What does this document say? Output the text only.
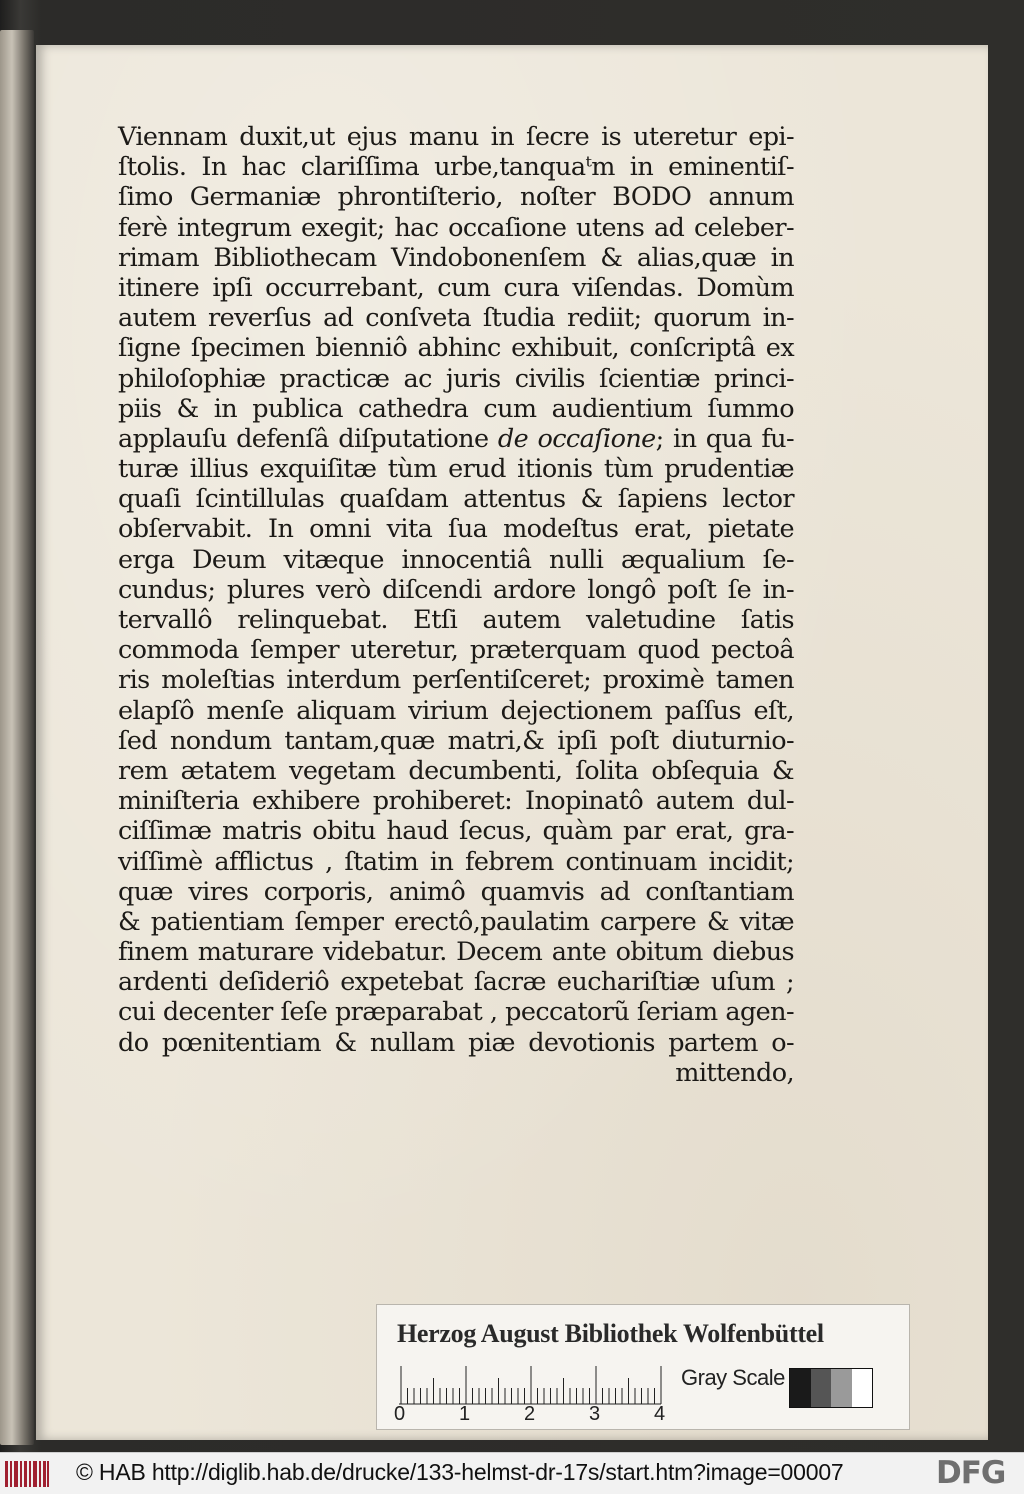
Viennam duxit,ut ejus manu in ſecre is uteretur epi-
ſtolis. In hac clariſſima urbe,tanquaᵗm in eminentiſ-
ſimo Germaniæ phrontiſterio, noſter BODO annum
ferè integrum exegit; hac occaſione utens ad celeber-
rimam Bibliothecam Vindobonenſem & alias,quæ in
itinere ipſi occurrebant, cum cura viſendas. Domùm
autem reverſus ad conſveta ſtudia rediit; quorum in-
ſigne ſpecimen bienniô abhinc exhibuit, conſcriptâ ex
philoſophiæ practicæ ac juris civilis ſcientiæ princi-
piis & in publica cathedra cum audientium ſummo
applauſu defenſâ diſputatione de occaſione; in qua fu-
turæ illius exquiſitæ tùm erud itionis tùm prudentiæ
quaſi ſcintillulas quaſdam attentus & ſapiens lector
obſervabit. In omni vita ſua modeſtus erat, pietate
erga Deum vitæque innocentiâ nulli æqualium ſe-
cundus; plures verò diſcendi ardore longô poſt ſe in-
tervallô relinquebat. Etſi autem valetudine ſatis
commoda ſemper uteretur, præterquam quod pectoâ
ris moleſtias interdum perſentiſceret; proximè tamen
elapſô menſe aliquam virium dejectionem paſſus eſt,
ſed nondum tantam,quæ matri,& ipſi poſt diuturnio-
rem ætatem vegetam decumbenti, ſolita obſequia &
miniſteria exhibere prohiberet: Inopinatô autem dul-
ciſſimæ matris obitu haud ſecus, quàm par erat, gra-
viſſimè afflictus , ſtatim in febrem continuam incidit;
quæ vires corporis, animô quamvis ad conſtantiam
& patientiam ſemper erectô,paulatim carpere & vitæ
finem maturare videbatur. Decem ante obitum diebus
ardenti deſideriô expetebat ſacræ euchariſtiæ uſum ;
cui decenter ſeſe præparabat , peccatorũ ſeriam agen-
do pœnitentiam & nullam piæ devotionis partem o-
mittendo,
Herzog August Bibliothek Wolfenbüttel
0	1	2	3	4
Gray Scale
© HAB http://diglib.hab.de/drucke/133-helmst-dr-17s/start.htm?image=00007	DFG
